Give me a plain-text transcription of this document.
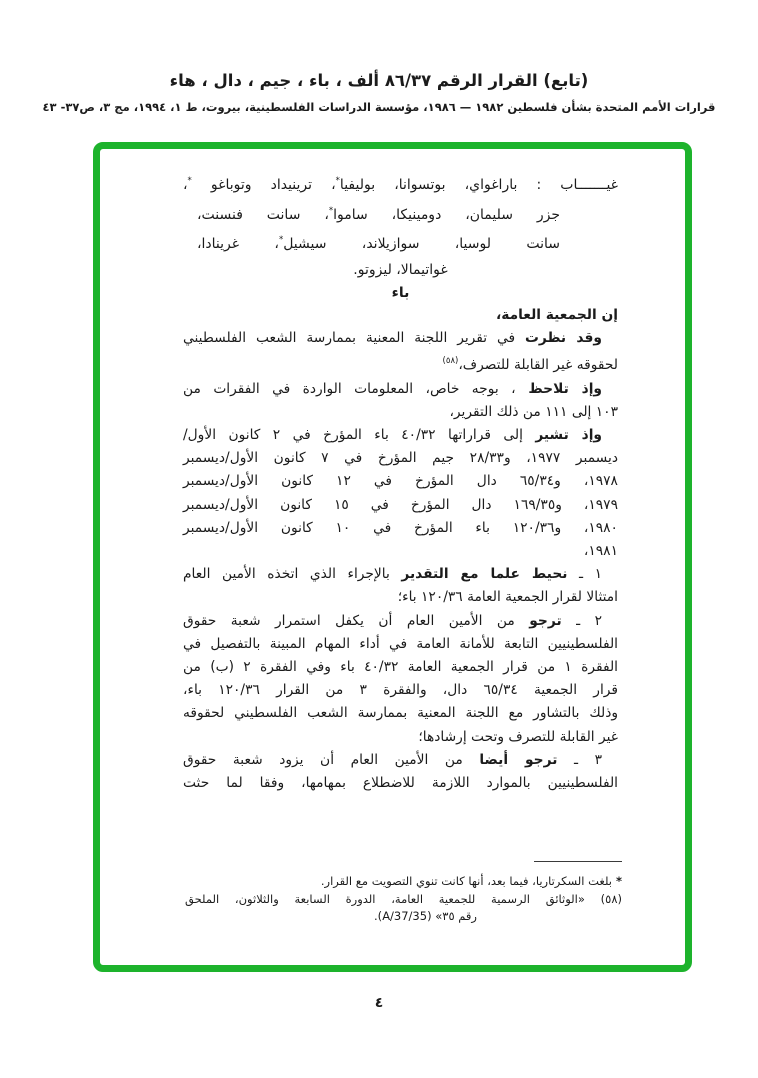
(تابع) القرار الرقم ٨٦/٣٧ ألف ، باء ، جيم ، دال ، هاء
قرارات الأمم المتحدة بشأن فلسطين ١٩٨٢ — ١٩٨٦، مؤسسة الدراسات الفلسطينية، بيروت، ط ١، ١٩٩٤، مج ٣، ص٣٧- ٤٣
غيـــــــاب : باراغواي، بوتسوانا، بوليفيا*، ترينيداد وتوباغو *،
جزر سليمان، دومينيكا، ساموا*، سانت فنسنت،
سانت لوسيا، سوازيلاند، سيشيل*، غرينادا،
غواتيمالا، ليزوتو.
باء
إن الجمعية العامة،
وقد نظرت في تقرير اللجنة المعنية بممارسة الشعب الفلسطيني
لحقوقه غير القابلة للتصرف،$^{(٥٨)}$
وإذ تلاحظ ، بوجه خاص، المعلومات الواردة في الفقرات من
١٠٣ إلى ١١١ من ذلك التقرير،
وإذ تشير إلى قراراتها ٤٠/٣٢ باء المؤرخ في ٢ كانون الأول/
ديسمبر ١٩٧٧، و٢٨/٣٣ جيم المؤرخ في ٧ كانون الأول/ديسمبر
١٩٧٨، و٦٥/٣٤ دال المؤرخ في ١٢ كانون الأول/ديسمبر
١٩٧٩، و١٦٩/٣٥ دال المؤرخ في ١٥ كانون الأول/ديسمبر
١٩٨٠، و١٢٠/٣٦ باء المؤرخ في ١٠ كانون الأول/ديسمبر
١٩٨١،
١ ـ نحيط علما مع التقدير بالإجراء الذي اتخذه الأمين العام
امتثالا لقرار الجمعية العامة ١٢٠/٣٦ باء؛
٢ ـ ترجو من الأمين العام أن يكفل استمرار شعبة حقوق
الفلسطينيين التابعة للأمانة العامة في أداء المهام المبينة بالتفصيل في
الفقرة ١ من قرار الجمعية العامة ٤٠/٣٢ باء وفي الفقرة ٢ (ب) من
قرار الجمعية ٦٥/٣٤ دال، والفقرة ٣ من القرار ١٢٠/٣٦ باء،
وذلك بالتشاور مع اللجنة المعنية بممارسة الشعب الفلسطيني لحقوقه
غير القابلة للتصرف وتحت إرشادها؛
٣ ـ ترجو أيضا من الأمين العام أن يزود شعبة حقوق
الفلسطينيين بالموارد اللازمة للاضطلاع بمهامها، وفقا لما حثت
* بلغت السكرتاريا، فيما بعد، أنها كانت تنوي التصويت مع القرار.
(٥٨) «الوثائق الرسمية للجمعية العامة، الدورة السابعة والثلاثون، الملحق
رقم ٣٥» (A/37/35).
٤
